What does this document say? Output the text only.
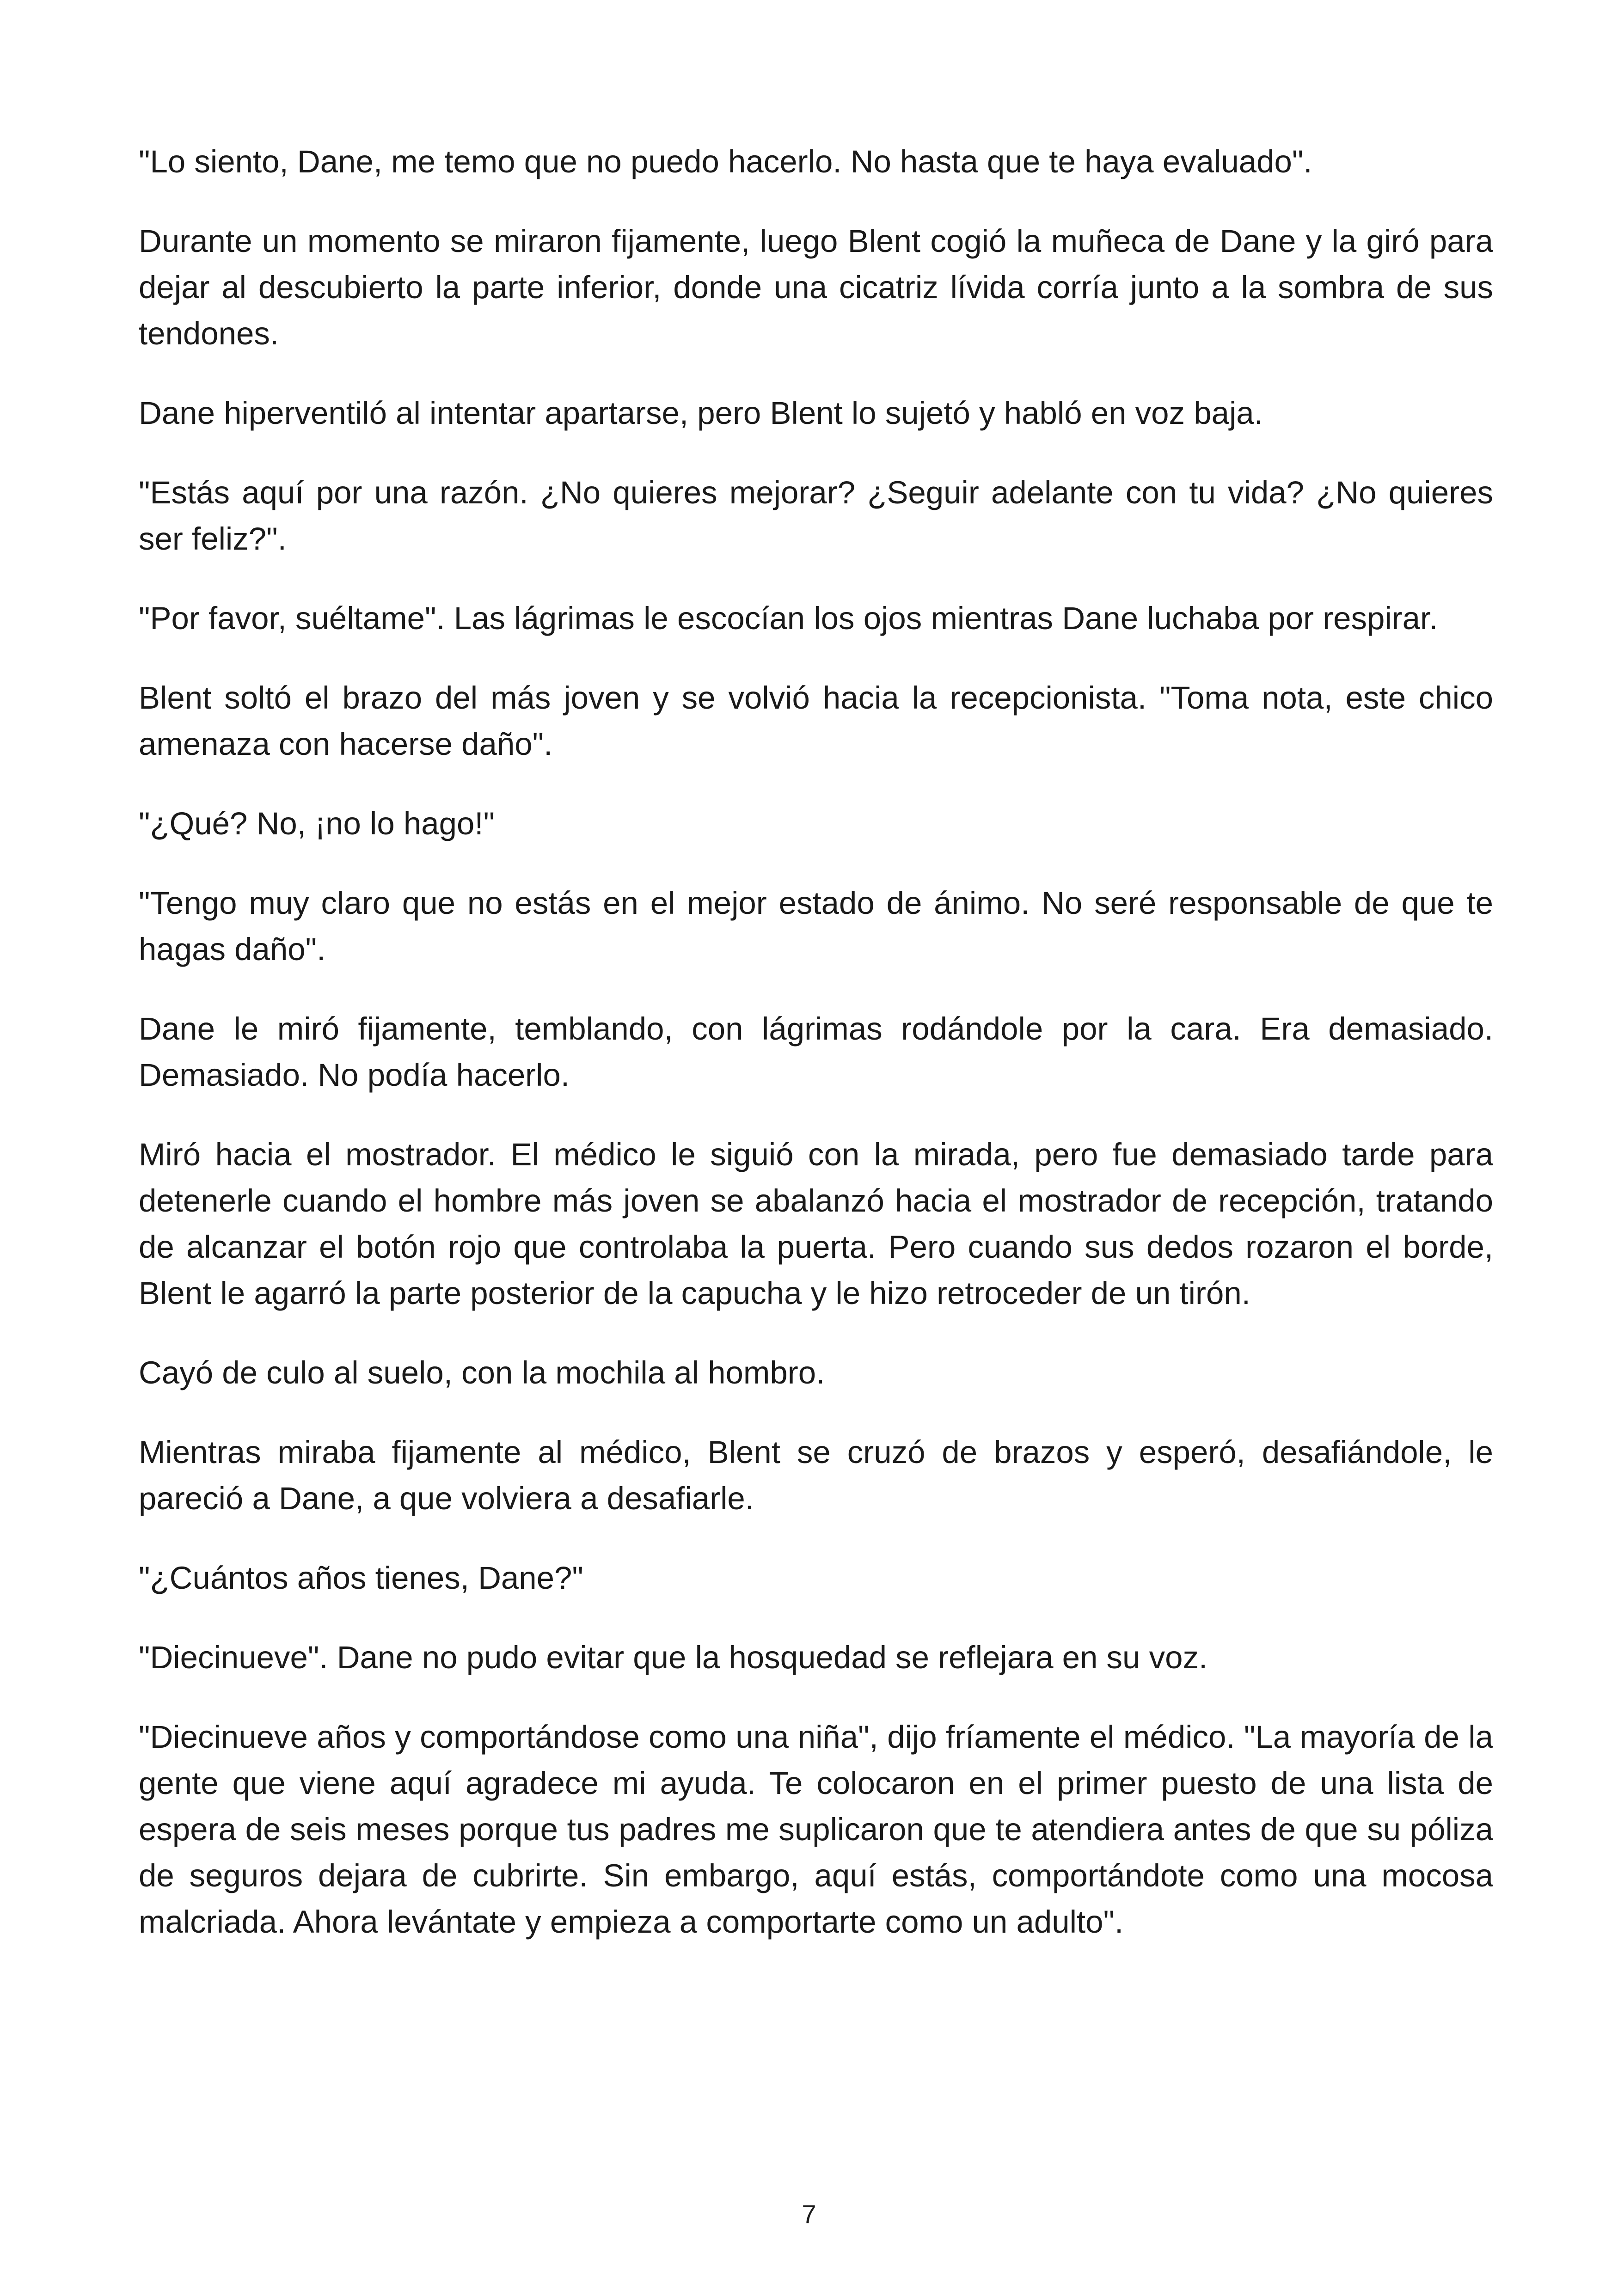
"Lo siento, Dane, me temo que no puedo hacerlo. No hasta que te haya evaluado".

Durante un momento se miraron fijamente, luego Blent cogió la muñeca de Dane y la giró para dejar al descubierto la parte inferior, donde una cicatriz lívida corría junto a la sombra de sus tendones.

Dane hiperventiló al intentar apartarse, pero Blent lo sujetó y habló en voz baja.

"Estás aquí por una razón. ¿No quieres mejorar? ¿Seguir adelante con tu vida? ¿No quieres ser feliz?".

"Por favor, suéltame". Las lágrimas le escocían los ojos mientras Dane luchaba por respirar.

Blent soltó el brazo del más joven y se volvió hacia la recepcionista. "Toma nota, este chico amenaza con hacerse daño".

"¿Qué? No, ¡no lo hago!"

"Tengo muy claro que no estás en el mejor estado de ánimo. No seré responsable de que te hagas daño".

Dane le miró fijamente, temblando, con lágrimas rodándole por la cara. Era demasiado. Demasiado. No podía hacerlo.

Miró hacia el mostrador. El médico le siguió con la mirada, pero fue demasiado tarde para detenerle cuando el hombre más joven se abalanzó hacia el mostrador de recepción, tratando de alcanzar el botón rojo que controlaba la puerta. Pero cuando sus dedos rozaron el borde, Blent le agarró la parte posterior de la capucha y le hizo retroceder de un tirón.

Cayó de culo al suelo, con la mochila al hombro.

Mientras miraba fijamente al médico, Blent se cruzó de brazos y esperó, desafiándole, le pareció a Dane, a que volviera a desafiarle.

"¿Cuántos años tienes, Dane?"

"Diecinueve". Dane no pudo evitar que la hosquedad se reflejara en su voz.

"Diecinueve años y comportándose como una niña", dijo fríamente el médico. "La mayoría de la gente que viene aquí agradece mi ayuda. Te colocaron en el primer puesto de una lista de espera de seis meses porque tus padres me suplicaron que te atendiera antes de que su póliza de seguros dejara de cubrirte. Sin embargo, aquí estás, comportándote como una mocosa malcriada. Ahora levántate y empieza a comportarte como un adulto".

7
